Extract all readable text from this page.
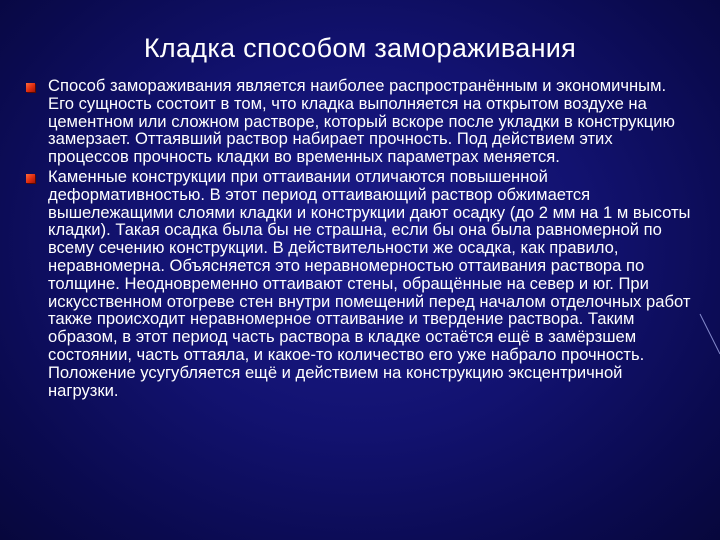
Кладка способом замораживания
Способ замораживания является наиболее распространённым и экономичным. Его сущность состоит в том, что кладка выполняется на открытом воздухе на цементном или сложном растворе, который вскоре после укладки в конструкцию замерзает. Оттаявший раствор набирает прочность. Под действием этих процессов прочность кладки во временных параметрах меняется.
Каменные конструкции при оттаивании отличаются повышенной деформативностью. В этот период оттаивающий раствор обжимается вышележащими слоями кладки и конструкции дают осадку (до 2 мм на 1 м высоты кладки). Такая осадка была бы не страшна, если бы она была равномерной по всему сечению конструкции. В действительности же осадка, как правило, неравномерна. Объясняется это неравномерностью оттаивания раствора по толщине. Неодновременно оттаивают стены, обращённые на север и юг. При искусственном отогреве стен внутри помещений перед началом отделочных работ также происходит неравномерное оттаивание и твердение раствора. Таким образом, в этот период часть раствора в кладке остаётся ещё в замёрзшем состоянии, часть оттаяла, и какое-то количество его уже набрало прочность. Положение усугубляется ещё и действием на конструкцию эксцентричной нагрузки.
